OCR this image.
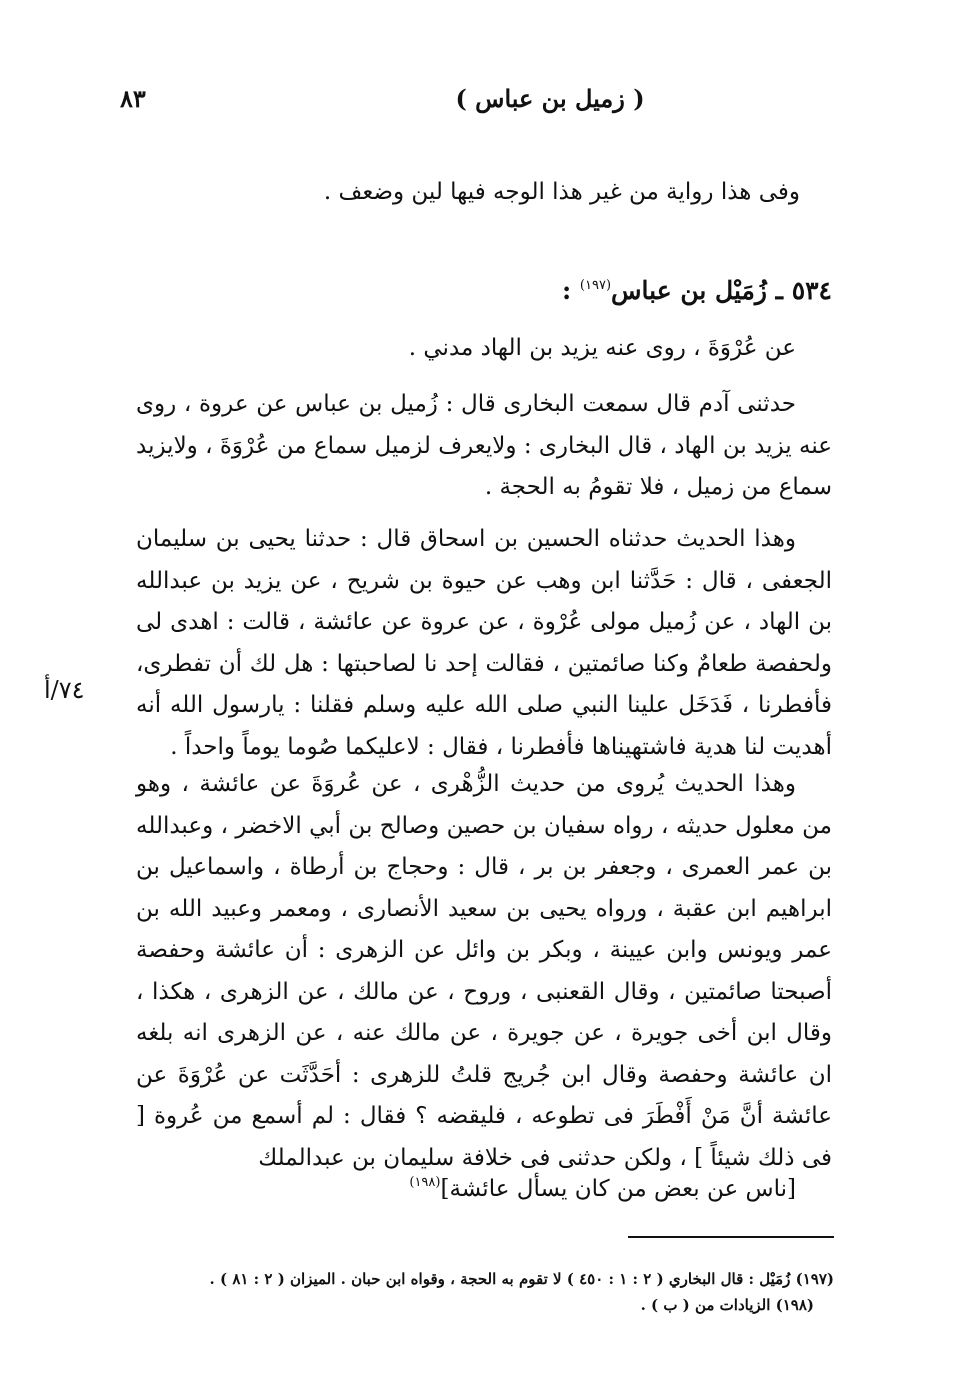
٨٣	( زميل بن عباس )
وفى هذا رواية من غير هذا الوجه فيها لين وضعف .
٥٣٤ ـ زُمَيْل بن عباس$^{(١٩٧)}$ :
عن عُرْوَةَ ، روى عنه يزيد بن الهاد مدني .
حدثنى آدم قال سمعت البخارى قال : زُميل بن عباس عن عروة ، روى عنه يزيد بن الهاد ، قال البخارى : ولايعرف لزميل سماع من عُرْوَةَ ، ولايزيد سماع من زميل ، فلا تقومُ به الحجة .
وهذا الحديث حدثناه الحسين بن اسحاق قال : حدثنا يحيى بن سليمان الجعفى ، قال : حَدَّثنا ابن وهب عن حيوة بن شريح ، عن يزيد بن عبدالله بن الهاد ، عن زُميل مولى عُرْوة ، عن عروة عن عائشة ، قالت : اهدى لى ولحفصة طعامٌ وكنا صائمتين ، فقالت إحد نا لصاحبتها : هل لك أن تفطرى، فأفطرنا ، فَدَخَل علينا النبي صلى الله عليه وسلم فقلنا : يارسول الله أنه أهديت لنا هدية فاشتهيناها فأفطرنا ، فقال : لاعليكما صُوما يوماً واحداً .
٧٤/أ
وهذا الحديث يُروى من حديث الزُّهْرى ، عن عُروَةَ عن عائشة ، وهو من معلول حديثه ، رواه سفيان بن حصين وصالح بن أبي الاخضر ، وعبدالله بن عمر العمرى ، وجعفر بن بر ، قال : وحجاج بن أرطاة ، واسماعيل بن ابراهيم ابن عقبة ، ورواه يحيى بن سعيد الأنصارى ، ومعمر وعبيد الله بن عمر ويونس وابن عيينة ، وبكر بن وائل عن الزهرى : أن عائشة وحفصة أصبحتا صائمتين ، وقال القعنبى ، وروح ، عن مالك ، عن الزهرى ، هكذا ، وقال ابن أخى جويرة ، عن جويرة ، عن مالك عنه ، عن الزهرى انه بلغه ان عائشة وحفصة وقال ابن جُريج قلتُ للزهرى : أحَدَّثَت عن عُرْوَةَ عن عائشة أنَّ مَنْ أَفْطَرَ فى تطوعه ، فليقضه ؟ فقال : لم أسمع من عُروة [ فى ذلك شيئاً ] ، ولكن حدثنى فى خلافة سليمان بن عبدالملك
[ناس عن بعض من كان يسأل عائشة]$^{(١٩٨)}$
(١٩٧) زُمَيْل : قال البخاري ( ٢ : ١ : ٤٥٠ ) لا تقوم به الحجة ، وقواه ابن حبان . الميزان ( ٢ : ٨١ ) .
(١٩٨) الزيادات من ( ب ) .
